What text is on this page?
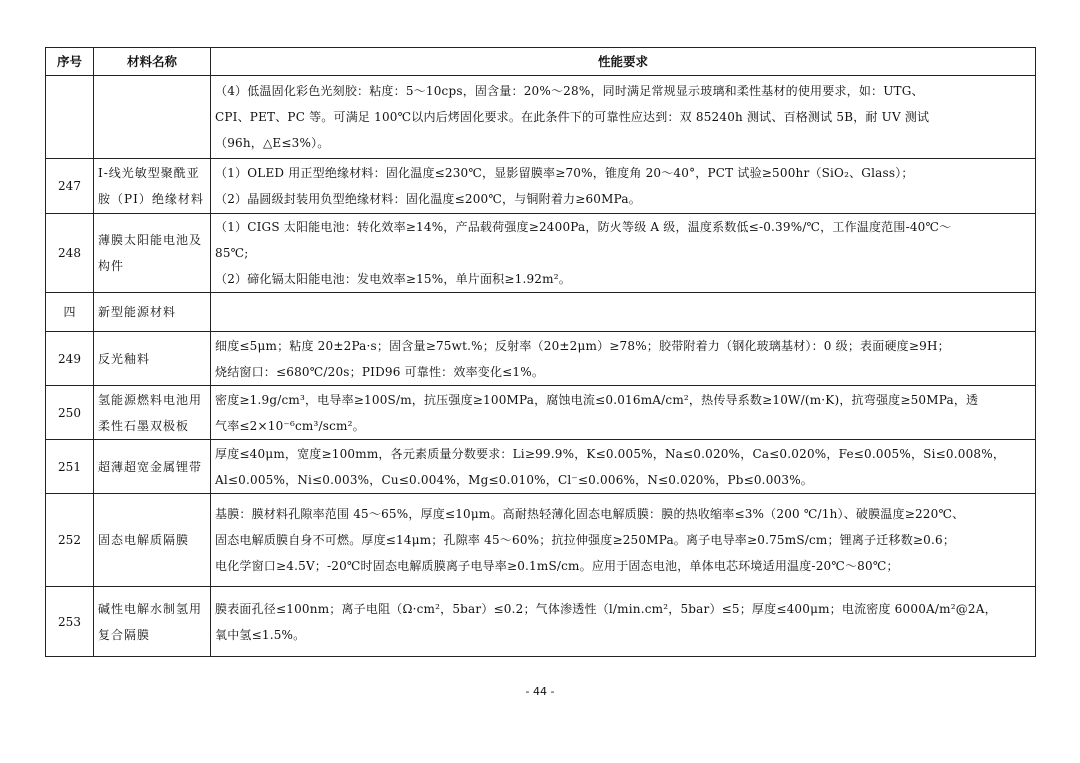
序号	材料名称	性能要求

		（4）低温固化彩色光刻胶：粘度：5～10cps，固含量：20%～28%，同时满足常规显示玻璃和柔性基材的使用要求，如：UTG、
CPI、PET、PC 等。可满足 100℃以内后烤固化要求。在此条件下的可靠性应达到：双 85240h 测试、百格测试 5B，耐 UV 测试
（96h，△E≤3%）。

247	I-线光敏型聚酰亚胺（PI）绝缘材料	（1）OLED 用正型绝缘材料：固化温度≤230℃，显影留膜率≥70%，锥度角 20～40°，PCT 试验≥500hr（SiO₂、Glass）；
（2）晶圆级封装用负型绝缘材料：固化温度≤200℃，与铜附着力≥60MPa。

248	薄膜太阳能电池及构件	（1）CIGS 太阳能电池：转化效率≥14%，产品载荷强度≥2400Pa，防火等级 A 级，温度系数低≤-0.39%/℃，工作温度范围-40℃～
85℃;
（2）碲化镉太阳能电池：发电效率≥15%，单片面积≥1.92m²。

四	新型能源材料	

249	反光釉料	细度≤5μm；粘度 20±2Pa·s；固含量≥75wt.%；反射率（20±2μm）≥78%；胶带附着力（钢化玻璃基材）：0 级；表面硬度≥9H；
烧结窗口：≤680℃/20s；PID96 可靠性：效率变化≤1%。

250	氢能源燃料电池用柔性石墨双极板	密度≥1.9g/cm³，电导率≥100S/m，抗压强度≥100MPa，腐蚀电流≤0.016mA/cm²，热传导系数≥10W/(m·K)，抗弯强度≥50MPa，透
气率≤2×10⁻⁶cm³/scm²。

251	超薄超宽金属锂带	厚度≤40μm，宽度≥100mm，各元素质量分数要求：Li≥99.9%，K≤0.005%，Na≤0.020%，Ca≤0.020%，Fe≤0.005%，Si≤0.008%，
Al≤0.005%，Ni≤0.003%，Cu≤0.004%，Mg≤0.010%，Cl⁻≤0.006%，N≤0.020%，Pb≤0.003%。

252	固态电解质隔膜	基膜：膜材料孔隙率范围 45～65%，厚度≤10μm。高耐热轻薄化固态电解质膜：膜的热收缩率≤3%（200 ℃/1h）、破膜温度≥220℃、
固态电解质膜自身不可燃。厚度≤14μm；孔隙率 45～60%；抗拉伸强度≥250MPa。离子电导率≥0.75mS/cm；锂离子迁移数≥0.6；
电化学窗口≥4.5V；-20℃时固态电解质膜离子电导率≥0.1mS/cm。应用于固态电池，单体电芯环境适用温度-20℃～80℃；

253	碱性电解水制氢用复合隔膜	膜表面孔径≤100nm；离子电阻（Ω·cm²，5bar）≤0.2；气体渗透性（l/min.cm²，5bar）≤5；厚度≤400μm；电流密度 6000A/m²@2A，
氧中氢≤1.5%。
- 44 -
